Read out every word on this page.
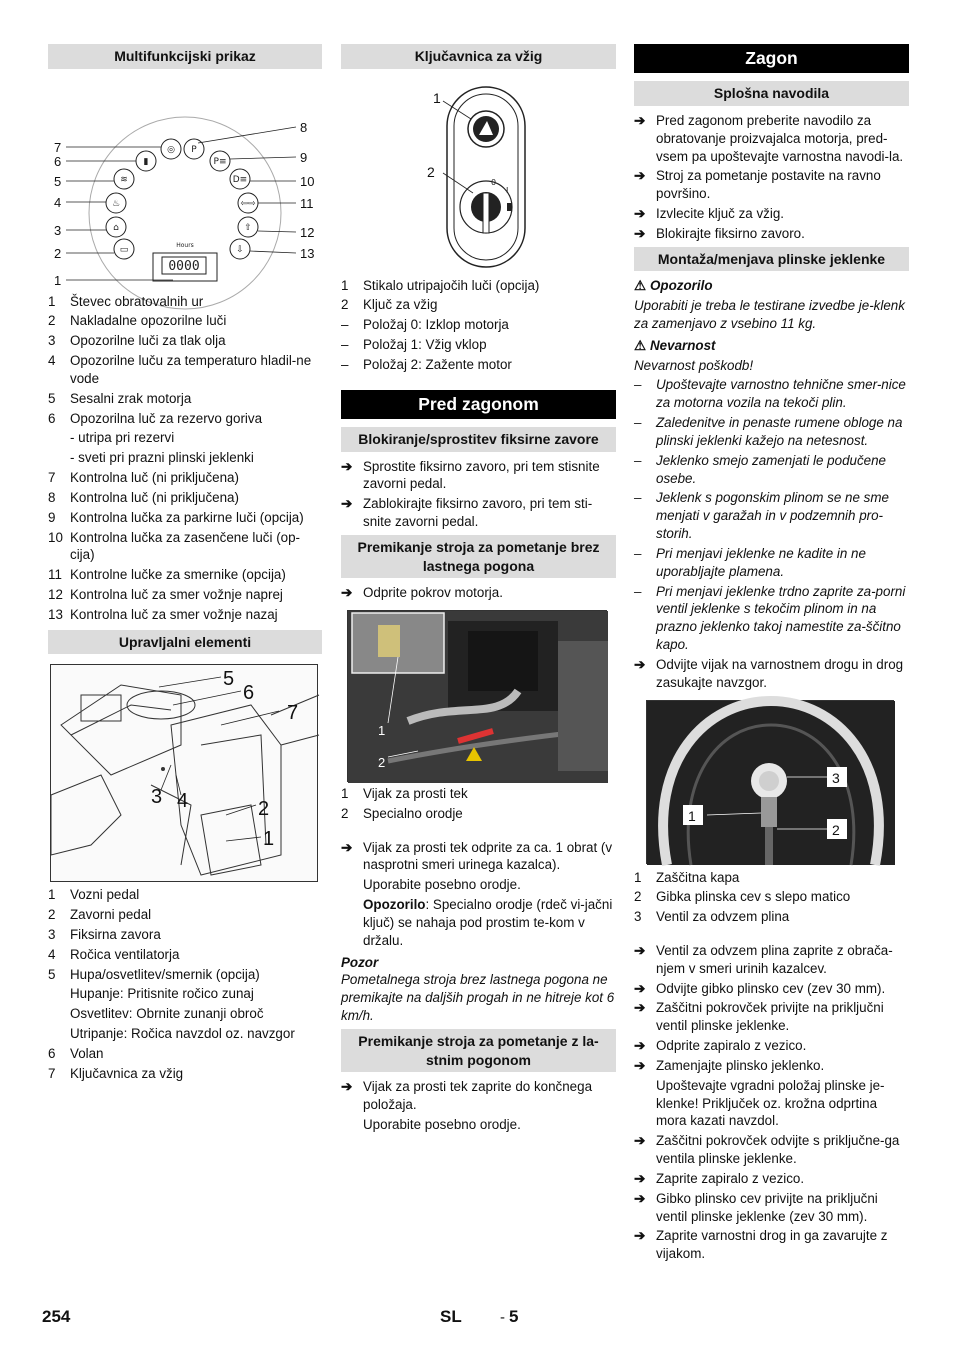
Multifunkcijski prikaz
P
P≡
D≡
⇦⇨
⇧
⇩
◎
▮
≋
♨
⌂
▭	Hours
0000
7
6
5
4
3
2
1
8
9
10
11
12
13
1 Števec obratovalnih ur
2 Nakladalne opozorilne luči
3 Opozorilne luči za tlak olja
4 Opozorilne luču za temperaturo hladil-ne vode
5 Sesalni zrak motorja
6 Opozorilna luč za rezervo goriva
- utripa pri rezervi
- sveti pri prazni plinski jeklenki
7 Kontrolna luč (ni priključena)
8 Kontrolna luč (ni priključena)
9 Kontrolna lučka za parkirne luči (opcija)
10 Kontrolna lučka za zasenčene luči (op-cija)
11 Kontrolne lučke za smernike (opcija)
12 Kontrolna luč za smer vožnje naprej
13 Kontrolna luč za smer vožnje nazaj
Upravljalni elementi
5
6
7
3 4	2
1
1 Vozni pedal
2 Zavorni pedal
3 Fiksirna zavora
4 Ročica ventilatorja
5 Hupa/osvetlitev/smernik (opcija)
Hupanje: Pritisnite ročico zunaj
Osvetlitev: Obrnite zunanji obroč
Utripanje: Ročica navzdol oz. navzgor
6 Volan
7 Ključavnica za vžig
Ključavnica za vžig
0
I
1
2
1 Stikalo utripajočih luči (opcija)
2 Ključ za vžig
– Položaj 0: Izklop motorja
– Položaj 1: Vžig vklop
– Položaj 2: Zažente motor
Pred zagonom
Blokiranje/sprostitev fiksirne zavore
➔ Sprostite fiksirno zavoro, pri tem stisnite zavorni pedal.
➔ Zablokirajte fiksirno zavoro, pri tem sti-snite zavorni pedal.
Premikanje stroja za pometanje brez lastnega pogona
➔ Odprite pokrov motorja.
1
2
1 Vijak za prosti tek
2 Specialno orodje
➔ Vijak za prosti tek odprite za ca. 1 obrat (v nasprotni smeri urinega kazalca).
Uporabite posebno orodje.
Opozorilo: Specialno orodje (rdeč vi-jačni ključ) se nahaja pod prostim te-kom v držalu.
Pozor
Pometalnega stroja brez lastnega pogona ne premikajte na daljših progah in ne hitreje kot 6 km/h.
Premikanje stroja za pometanje z la-stnim pogonom
➔ Vijak za prosti tek zaprite do končnega položaja.
Uporabite posebno orodje.
Zagon
Splošna navodila
➔ Pred zagonom preberite navodilo za obratovanje proizvajalca motorja, pred-vsem pa upoštevajte varnostna navodi-la.
➔ Stroj za pometanje postavite na ravno površino.
➔ Izvlecite ključ za vžig.
➔ Blokirajte fiksirno zavoro.
Montaža/menjava plinske jeklenke
⚠ Opozorilo
Uporabiti je treba le testirane izvedbe je-klenk za zamenjavo z vsebino 11 kg.
⚠ Nevarnost
Nevarnost poškodb!
– Upoštevajte varnostno tehnične smer-nice za motorna vozila na tekoči plin.
– Zaledenitve in penaste rumene obloge na plinski jeklenki kažejo na netesnost.
– Jeklenko smejo zamenjati le podučene osebe.
– Jeklenk s pogonskim plinom se ne sme menjati v garažah in v podzemnih pro-storih.
– Pri menjavi jeklenke ne kadite in ne uporabljajte plamena.
– Pri menjavi jeklenke trdno zaprite za-porni ventil jeklenke s tekočim plinom in na prazno jeklenko takoj namestite za-ščitno kapo.
➔ Odvijte vijak na varnostnem drogu in drog zasukajte navzgor.
3
1
2
1 Zaščitna kapa
2 Gibka plinska cev s slepo matico
3 Ventil za odvzem plina
➔ Ventil za odvzem plina zaprite z obrača-njem v smeri urinih kazalcev.
➔ Odvijte gibko plinsko cev (zev 30 mm).
➔ Zaščitni pokrovček privijte na priključni ventil plinske jeklenke.
➔ Odprite zapiralo z vezico.
➔ Zamenjajte plinsko jeklenko.
Upoštevajte vgradni položaj plinske je-klenke! Priključek oz. krožna odprtina mora kazati navzdol.
➔ Zaščitni pokrovček odvijte s priključne-ga ventila plinske jeklenke.
➔ Zaprite zapiralo z vezico.
➔ Gibko plinsko cev privijte na priključni ventil plinske jeklenke (zev 30 mm).
➔ Zaprite varnostni drog in ga zavarujte z vijakom.
254	SL	- 5
